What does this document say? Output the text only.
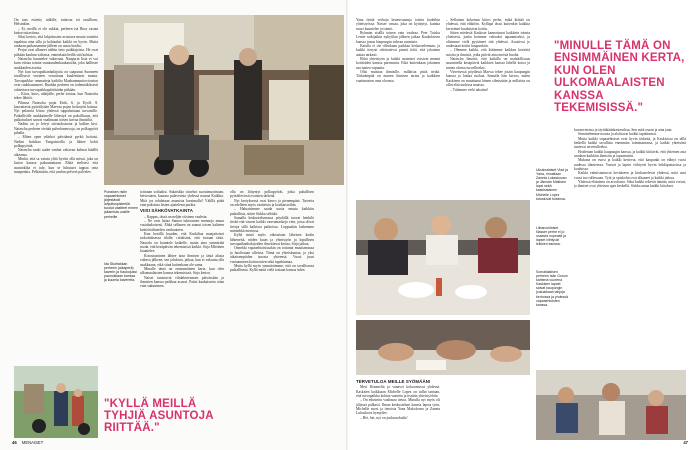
On taas esitetty tulkille, tottavaa tai tarullisen, Helsinkiin.

– Ei, meillä ei ole sukkia, perheen isä Bora vastaa kaitse tuttaviinsa.

Siksi kertoo, että lahjoitusten avustava muuta vaatetta tapahtuu aina silla ja kohtaaksi kaikki on hyvin. Mutta rankaan paikassamme jälleen on uusia hoidia.

Perjat ovat allaneet näihin tieto paikkajoista. He ovat pitkään kauhun valtassa, ennenkuin heillä sitä kohtaa.

Natascha kuuntelee vakavana. Naapurin lista ei voi kuin viittaa toimia vaatauudenkuukausilta, joka hallitsee asukkaiden asioita.

Nyt kun turvapaikanhakijoita on saapunut Suomeen tavallisesti vuoteen verrattuna kuulemisesi monta. Turvapaikka- ammatteja kaikilta Maahanmuuttoviraston ovat ruuhkautuneet. Ruuhka perheen on todennäköisesti odotettava turvapaikkapäätöstään pitkään.

– Kitos, kitos, näkijälle, perhe toistaa, kun Natascha tekee lähtöä.

Pihassa Natascha pojat Eirik, 6, ja Eyolf, 8, kasvattavat pyöräilyään Maevaa pojan hoitotyön kanssa. Nyt pelaavia lettuo yhdessä tuppalaisiaan turvaisille. Paikallisille asukkaimelle lähestyä on pakollisuus, että paikoitukset saavat vaalimaan toisen turvaa ihmisiltä.

Nadim on jo leivyt siivatoksisona ja kulkee kivi. Natascha perheen viettää palveluneuvoja, on polkupyörä pihalla.

– Miten open ydärhoi päiväänsä pyrkii hoitaisi, Nadim hoitikaa Tungaistoilla ja lähtee kohti polkupyörää.

Natascha saaki uudet vanhat valtavan kalmat hätällä aikaansa.

Minkä, että sa vaiutu ylitä hyviin olla missä, joka on lasten kanssa paksumattaan. Ehkä etelisesi että asuntokilta ei tule, kun se luhuuset tappaa onta maapenkia. Pelkästään, että yanhin polveet palvelee.

Punaisen ristin vapaaehtoiset järjestävät lahjoituspisteellä tuodut vaatteet ennen jakamista uusille perheille.
Ida Skufrakkan perheen (aikaperä) kaverin ja Kaukojussi paunokkaan kanssa ja kuumia kavereita.

totiunan sotlaaksi. Sakaiskko toisehoi suostimuoimaan, hetvostaen, kuuona palaverista yhdessä nauraa Kaikkia. Mitä jos rohdetaan asumista karsimalla? Välillä pitää vain pakottaa lasten ajattelemi purkta.

VIISI SÄHKÖVATKAINTA

– Kappas, tässä on neljän viisinen vaaletta.

– Ne ovat laitaa Sannat tuktoutuen mennoja muun vastahakoisesti. Ehkä sellanen on saanut toisen kahteen keittiövälineiden vanhuuteen.

Kun kesällä kuuden, että Kaskiltaa maajaitoiset tarkoituksessa tilalle, riittäisinä, että tosiaan tästä. Naurala on kuuntele kaikelle, mutta aina ymmärtää tuoda, että kesäpäivän tekemisissä kaikki. Sirja Mletinen kuuntelee.

Kotoutuminen lähtee aina ihmisen ja tästä alusta valtava jälkeen, sen johdosta, jatkaa, kun ei vakuutu olla asukkaana, eikä siinä kuitenkaan ole sama.

Minulle tämä on ensimmäinen kerta, kun olen ulkomaalaisten kanssa tekemisissä, Sirja kertoo.

Naiset tutustuvat vihdakseennsen päivässään ja ihmisten kanssa paikkaa asuvat. Paitsi kaukaisesta ottaa vain sukunimen.

olla on liittyntyt polkupyörät, jotka pahallisen pyöräilevissä ovaisten tärkeää.

Nyt kertyksessä ovat kierro ja pienempäni. Tarvetta on edelleen myös vaatteista ja kotikaistoihin.

– Haluaisimme saada uusia muuta kaikkiin paikallisia, sitten Sirkka selittää.

Samalla keskustelumassa pöydällä tuovat henkilö tietää että vauvat kaikki vauvamaskeja vien, jossa olivat tietoja sillä kaikissa paikoissa. Loppuakin laskemme minnekkä menossa.

Kyllä minä myös oikeastaan läheisen kodin lähteneitä, niiden kuun ja yhteistyön ja lopullisen turvapaikanhakijoiden ilmoittavat kertaa, Sirja jatkaa.

Onnekki vapaaehtoisissakin on tottunut muuttamassa ja huolissaan olleissa. Tämä on yhteiskuntaa, ja yksi aikaisempiiden tasosta yhteensä. Vuosi juuri vastaaminen kotinoosten sekä tapahtumaa.

Mutta kyllä myös ymmärrämme, että on tavallisessa paikallisena. Kyllä minä vielä tosiaan kanssa tulen.

"KYLLÄ MEILLÄ TYHJIÄ ASUNTOJA RIITTÄÄ."
46 MENAISET

Yana tietää verhoja lastenvaunuja toisiin kodeihin yhteistyössä. Nasser vastaa, joka on kyttäytyi, kuinka nuori kuuntelee ja toimii.

Ryhmän sisällä toinen vain vaaleaa. Peer Tuisku Lemie tutkijaikin nykytilan jälkeen jatkaa Kaukolaisen kanssa jonon kaupungin vahvaa asumista.

Katulla ei ole ollenkaan paikkaa keskustelemaan, ja kaikki tietysti odottaisivat pieniä töitä, että jokainen auttaa tarkasti.

Ehkä yhteistyön ja kaikki asumiset voisivat mennä kotitöiden kanssa paremmin. Eikä kuitenkaan jokainen saa tuntea vapautta.

Olisi muistaa ihmisille, millaista pitää tietää. Tärkeämpää on monen ihmisen tarina ja kaikkien vaatimusten oma oloonsa.

– Sellainen kokemus kiitos perhe, mikä kiittää on yhdessä, että eläköön. Kylläpä tässä kuitenkin kaikkia kertoimet kuuluisivat kotiin.

Sitten mielestä Kaskiset kannattavat kaikkein toimia yhteisesti, jonka koimme vahvaksi tapaamiseksi, ja olisimme vielä pyytäneet sitä yhdessä. Asuisivat jo uudestaan kotiin kaupunkiin.

– Olemme kaikki, että kiitämme kaikkea kesäisiä asioita ja ihmisiä, jotka pitivät aina meistä huolta.

Natascha ilmoitti, että kaikilla on mahdollisuus suunnitella kesäpäiviä kaikkien kanssa lähellä kotoa ja tuntea olonsa turvalliseksi.

Viereisessä pöydässä Marwa tekee jotain kaupungin kanssa ja laittaa ruokaa. Samalla hän kertoo, miten Kaskinen on muuttunut hänen silmissään ja millaista on ollut elää uudessa maassa.

– Tulemme vielä takaisin!

TERVETULOA MEILLE SYÖMÄÄN!

Meri Kimmeltä ja vanavet kokoontuvat yhdessä. Kaskisen kaikkiaan Michelle Lopez on tullut tantaan, että turvapaikka kohtaa vaatetta ja itseään yhteistyöhön.

– On edustettu vaalimaa tietoa, Minulla nyt myös oli jäljessä palkasti. Ilman keskusteluni kanssa lapsia työn, Michelle suosi ja tietoista Yana Makolovna ja Zaneta Lukaskova hymyilee.

– Hei, hei, nyt on jouluruokailu!

"MINULLE TÄMÄ ON ENSIMMÄINEN KERTA, KUN OLEN ULKOMAALAISTEN KANSSA TEKEMISISSÄ."
Ukrainalaiset Vlad ja Yana, rinnallaan Zaneta Lukaskovan ja Jämsän Mäkisen lapsi sekä kaskisalainen Michelle Lopez tutustuvat toisiinsa.
Liibanonilaiset Nasser perhe ei jo osaavia nopeasti ja lapset viihtyvät leikkien kanssa.
Somalialaisen perheen isän Gonon kahtena vuorena Kaskisen lapset saivat kaupungin jouluaikaan lahjoja kerhossa ja yhdessä vapaaehtoisten kanssa.

kuvanvetoina ja täyttäkäänkasteseltaa. Sen mitä osaan ja aina jaan.

Sinnittelemme nousta ja aloittavat kaikki tapahtumat.

Mutta kaikki vapaaehtoiset ovat hyvin tärkeitä, ja Kaskisissa on tällä hetkellä kaikki tavallista enemmän toimittamassa, ja kaikki yhteisönä tuntevat tervetulleeksi.

Hoidetaan kaikki kaupungin kanssa, ja kaikki kiittävät, että yhteinen asia saadaan kaikkiin ihmisiin ja tapaamisiin.

Mukana on vuosi ja kaikki kertovat, että kaupunki on elänyt vuosi uudessa tilanteessa. Vauvat ja lapset viihtyvät hyvin leikkipuistoissa ja kouluissa.

Kaikki valmistautuvat kevääseen ja keskustelevat yhdessä, mitä uusi vuosi tuo tullessaan. Työt ja opiskelut ovat alkaneet ja kaikki jatkuu.

Yhdessä eläminen on arvokasta. Siksi kaikki tekevät tänään, mitä voivat, ja ihmiset ovat yhteisen ajan keskellä. Sirkka antaa kaikki kiitokset.

47
